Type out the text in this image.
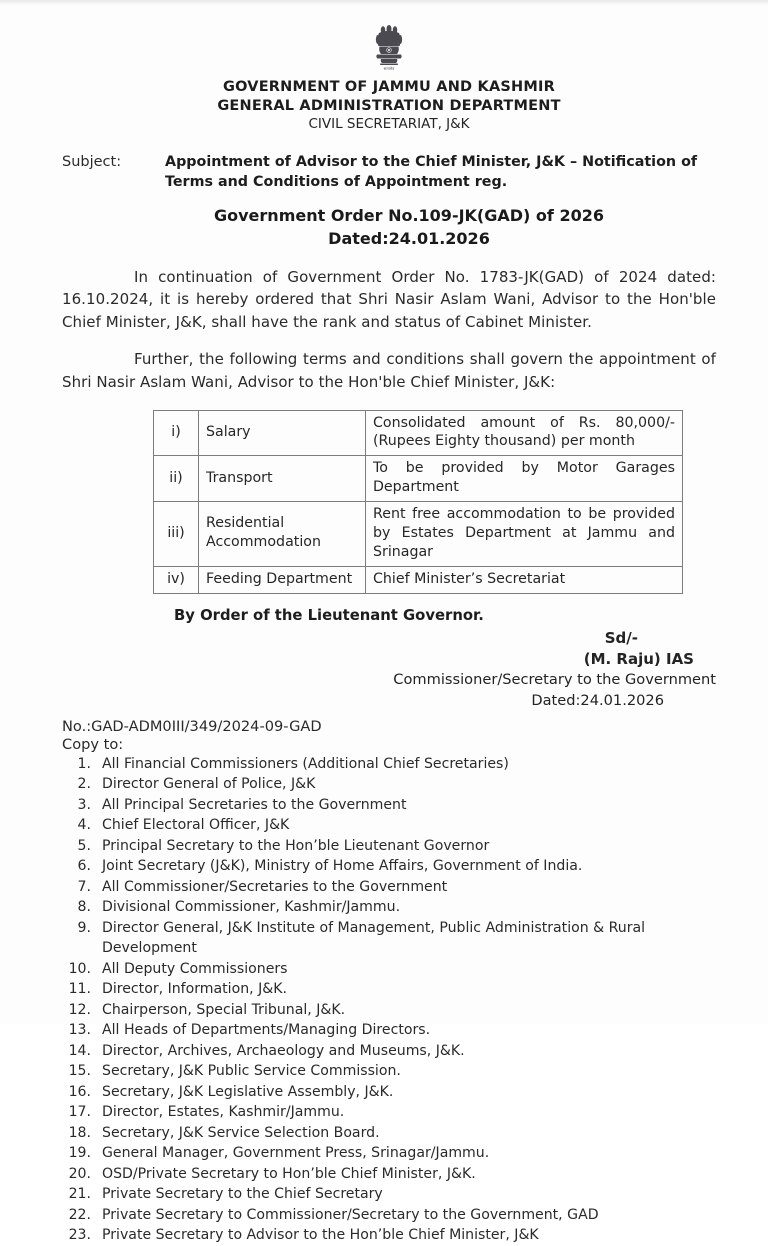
सत्यमेव
GOVERNMENT OF JAMMU AND KASHMIR
GENERAL ADMINISTRATION DEPARTMENT
CIVIL SECRETARIAT, J&K
Subject:	Appointment of Advisor to the Chief Minister, J&K – Notification of Terms and Conditions of Appointment reg.
Government Order No.109-JK(GAD) of 2026
Dated:24.01.2026
In continuation of Government Order No. 1783-JK(GAD) of 2024 dated: 16.10.2024, it is hereby ordered that Shri Nasir Aslam Wani, Advisor to the Hon'ble Chief Minister, J&K, shall have the rank and status of Cabinet Minister.
Further, the following terms and conditions shall govern the appointment of Shri Nasir Aslam Wani, Advisor to the Hon'ble Chief Minister, J&K:
i)	Salary	Consolidated amount of Rs. 80,000/- (Rupees Eighty thousand) per month
ii)	Transport	To be provided by Motor Garages Department
iii)	Residential Accommodation	Rent free accommodation to be provided by Estates Department at Jammu and Srinagar
iv)	Feeding Department	Chief Minister’s Secretariat
By Order of the Lieutenant Governor.
Sd/-
(M. Raju) IAS
Commissioner/Secretary to the Government
Dated:24.01.2026
No.:GAD-ADM0III/349/2024-09-GAD
Copy to:
1. All Financial Commissioners (Additional Chief Secretaries)
2. Director General of Police, J&K
3. All Principal Secretaries to the Government
4. Chief Electoral Officer, J&K
5. Principal Secretary to the Hon’ble Lieutenant Governor
6. Joint Secretary (J&K), Ministry of Home Affairs, Government of India.
7. All Commissioner/Secretaries to the Government
8. Divisional Commissioner, Kashmir/Jammu.
9. Director General, J&K Institute of Management, Public Administration & Rural Development
10. All Deputy Commissioners
11. Director, Information, J&K.
12. Chairperson, Special Tribunal, J&K.
13. All Heads of Departments/Managing Directors.
14. Director, Archives, Archaeology and Museums, J&K.
15. Secretary, J&K Public Service Commission.
16. Secretary, J&K Legislative Assembly, J&K.
17. Director, Estates, Kashmir/Jammu.
18. Secretary, J&K Service Selection Board.
19. General Manager, Government Press, Srinagar/Jammu.
20. OSD/Private Secretary to Hon’ble Chief Minister, J&K.
21. Private Secretary to the Chief Secretary
22. Private Secretary to Commissioner/Secretary to the Government, GAD
23. Private Secretary to Advisor to the Hon’ble Chief Minister, J&K
